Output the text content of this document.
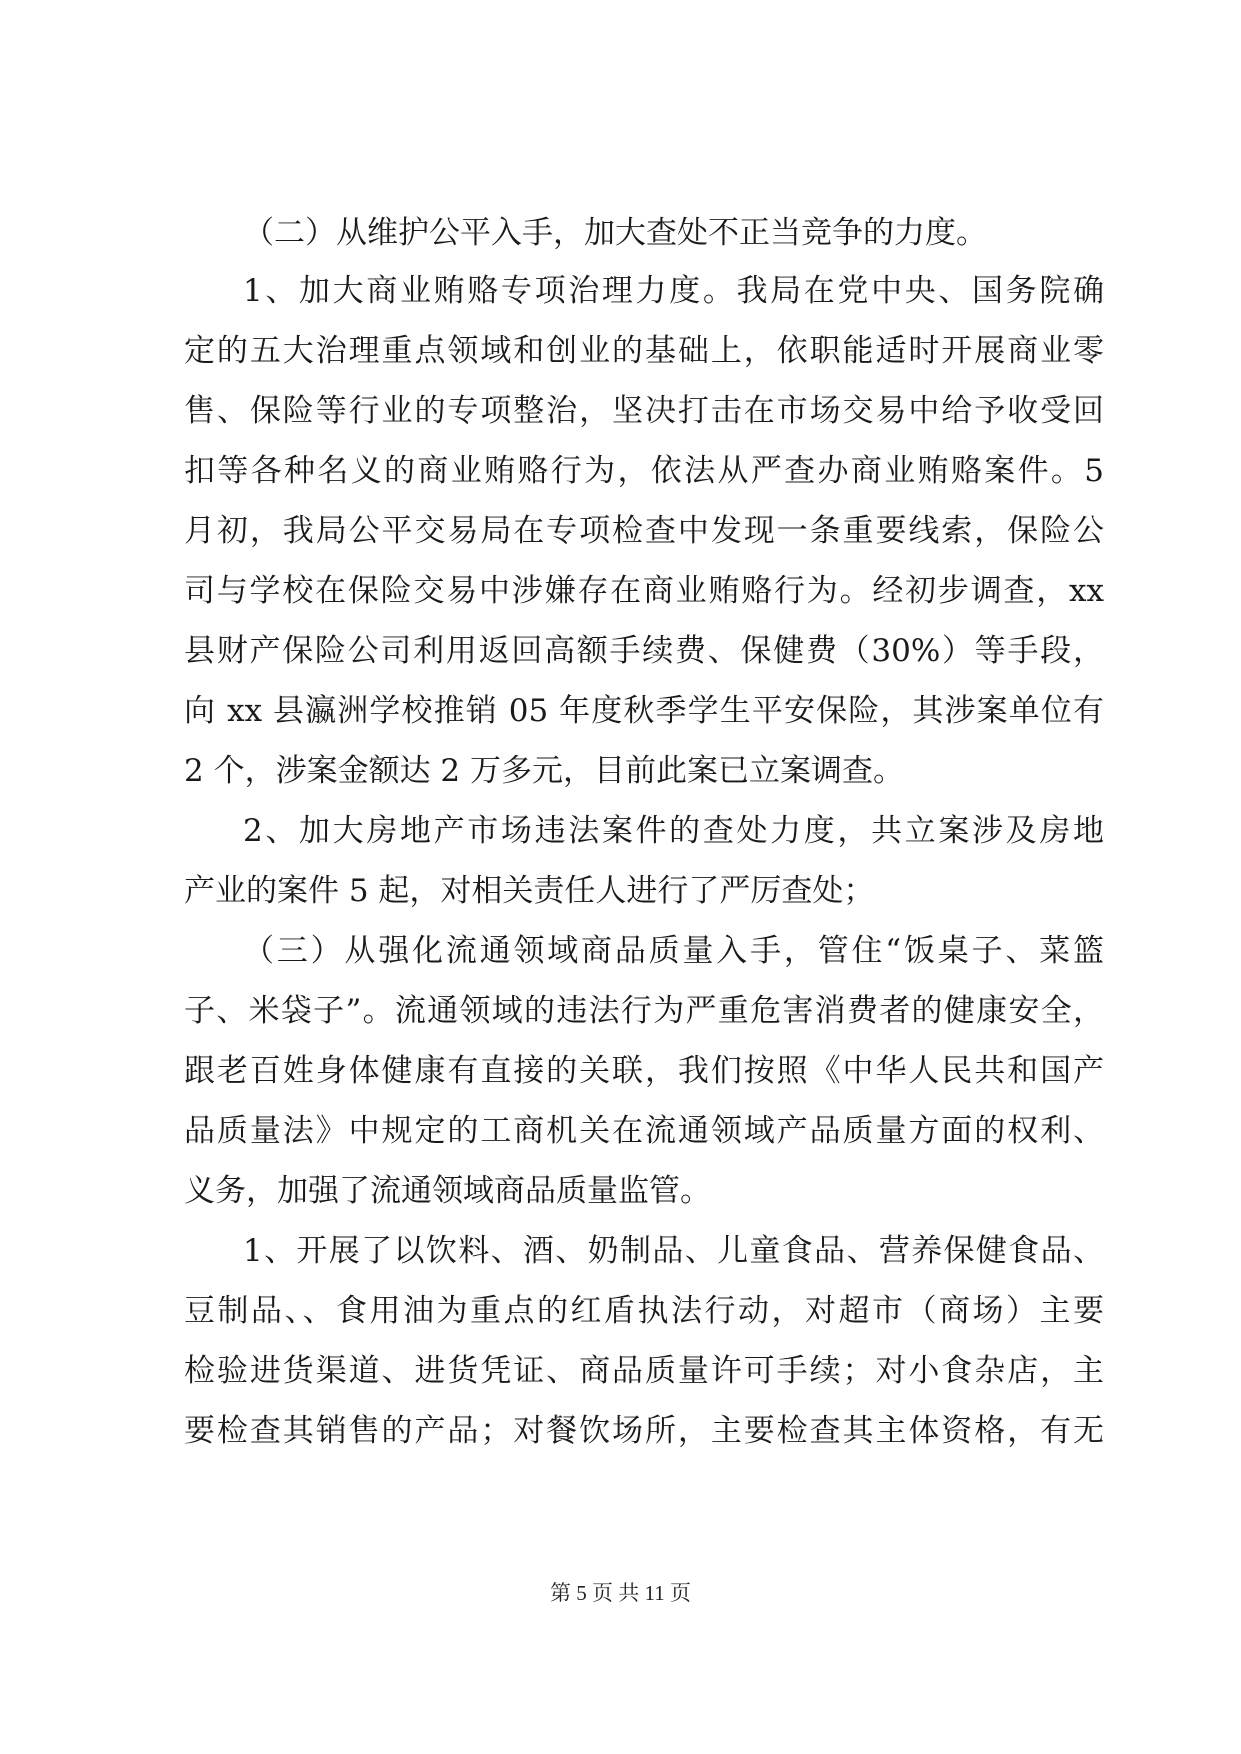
（二）从维护公平入手，加大查处不正当竞争的力度。
1、加大商业贿赂专项治理力度。我局在党中央、国务院确
定的五大治理重点领域和创业的基础上，依职能适时开展商业零
售、保险等行业的专项整治，坚决打击在市场交易中给予收受回
扣等各种名义的商业贿赂行为，依法从严查办商业贿赂案件。5
月初，我局公平交易局在专项检查中发现一条重要线索，保险公
司与学校在保险交易中涉嫌存在商业贿赂行为。经初步调查，xx
县财产保险公司利用返回高额手续费、保健费（30%）等手段，
向 xx 县瀛洲学校推销 05 年度秋季学生平安保险，其涉案单位有
2 个，涉案金额达 2 万多元，目前此案已立案调查。
2、加大房地产市场违法案件的查处力度，共立案涉及房地
产业的案件 5 起，对相关责任人进行了严厉查处；
（三）从强化流通领域商品质量入手，管住“饭桌子、菜篮
子、米袋子”。流通领域的违法行为严重危害消费者的健康安全，
跟老百姓身体健康有直接的关联，我们按照《中华人民共和国产
品质量法》中规定的工商机关在流通领域产品质量方面的权利、
义务，加强了流通领域商品质量监管。
1、开展了以饮料、酒、奶制品、儿童食品、营养保健食品、
豆制品、、食用油为重点的红盾执法行动，对超市（商场）主要
检验进货渠道、进货凭证、商品质量许可手续；对小食杂店，主
要检查其销售的产品；对餐饮场所，主要检查其主体资格，有无
第 5 页 共 11 页
